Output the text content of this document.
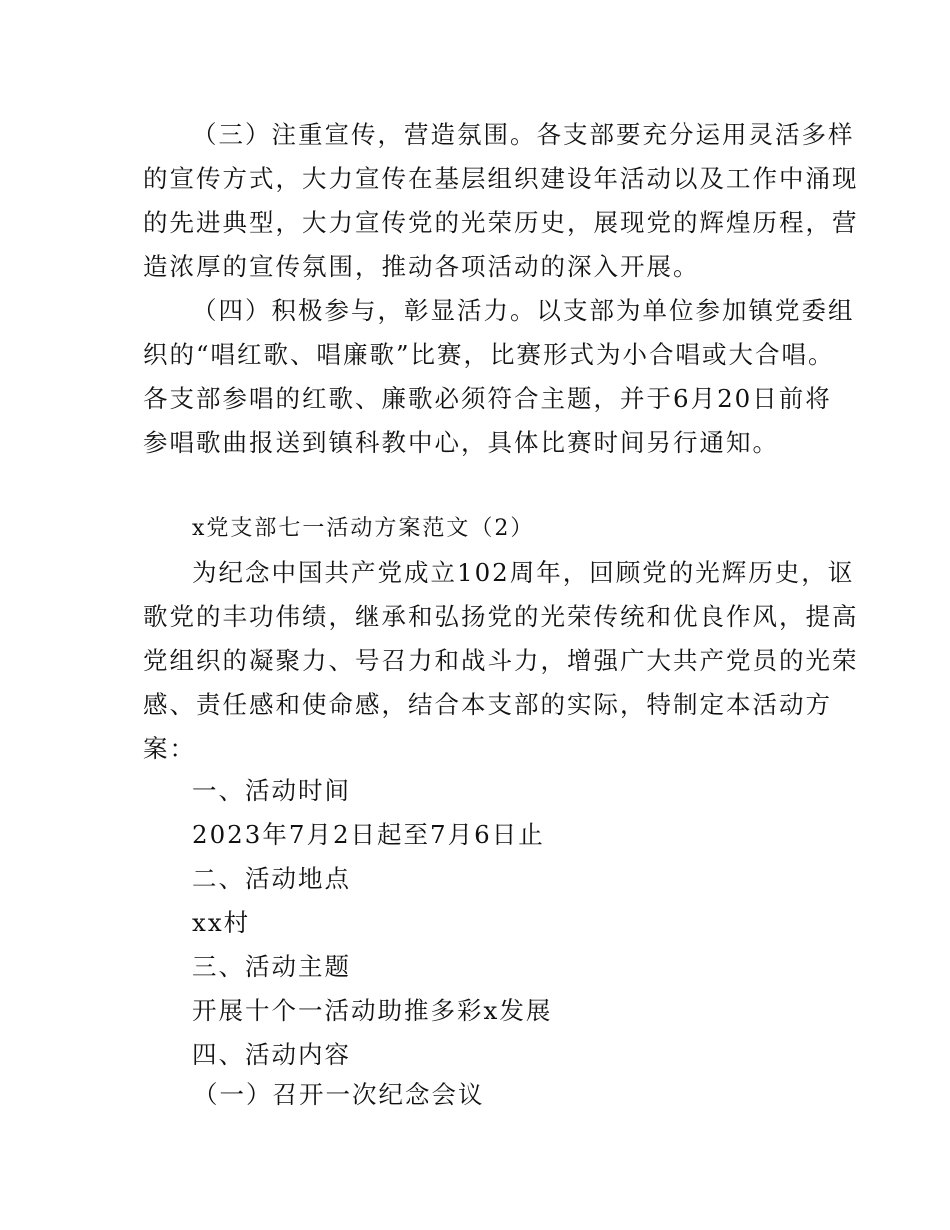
（三）注重宣传，营造氛围。各支部要充分运用灵活多样
的宣传方式，大力宣传在基层组织建设年活动以及工作中涌现
的先进典型，大力宣传党的光荣历史，展现党的辉煌历程，营
造浓厚的宣传氛围，推动各项活动的深入开展。
（四）积极参与，彰显活力。以支部为单位参加镇党委组
织的“唱红歌、唱廉歌”比赛，比赛形式为小合唱或大合唱。
各支部参唱的红歌、廉歌必须符合主题，并于6月20日前将
参唱歌曲报送到镇科教中心，具体比赛时间另行通知。
x党支部七一活动方案范文（2）
为纪念中国共产党成立102周年，回顾党的光辉历史，讴
歌党的丰功伟绩，继承和弘扬党的光荣传统和优良作风，提高
党组织的凝聚力、号召力和战斗力，增强广大共产党员的光荣
感、责任感和使命感，结合本支部的实际，特制定本活动方
案：
一、活动时间
2023年7月2日起至7月6日止
二、活动地点
xx村
三、活动主题
开展十个一活动助推多彩x发展
四、活动内容
（一）召开一次纪念会议
